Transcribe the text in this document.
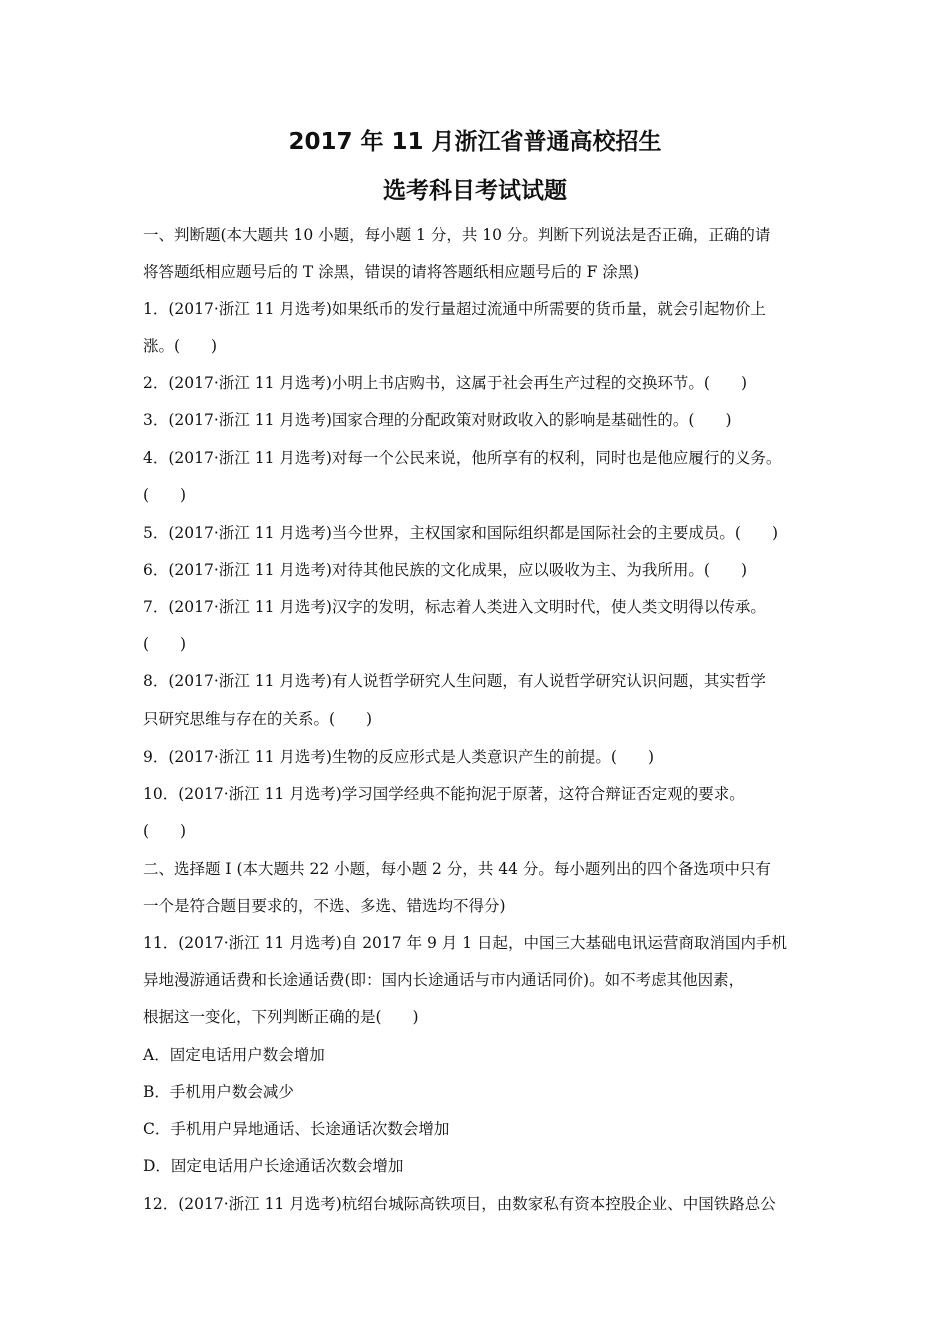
2017 年 11 月浙江省普通高校招生
选考科目考试试题
一、判断题(本大题共 10 小题，每小题 1 分，共 10 分。判断下列说法是否正确，正确的请
将答题纸相应题号后的 T 涂黑，错误的请将答题纸相应题号后的 F 涂黑)
1．(2017·浙江 11 月选考)如果纸币的发行量超过流通中所需要的货币量，就会引起物价上
涨。(　　)
2．(2017·浙江 11 月选考)小明上书店购书，这属于社会再生产过程的交换环节。(　　)
3．(2017·浙江 11 月选考)国家合理的分配政策对财政收入的影响是基础性的。(　　)
4．(2017·浙江 11 月选考)对每一个公民来说，他所享有的权利，同时也是他应履行的义务。
(　　)
5．(2017·浙江 11 月选考)当今世界，主权国家和国际组织都是国际社会的主要成员。(　　)
6．(2017·浙江 11 月选考)对待其他民族的文化成果，应以吸收为主、为我所用。(　　)
7．(2017·浙江 11 月选考)汉字的发明，标志着人类进入文明时代，使人类文明得以传承。
(　　)
8．(2017·浙江 11 月选考)有人说哲学研究人生问题，有人说哲学研究认识问题，其实哲学
只研究思维与存在的关系。(　　)
9．(2017·浙江 11 月选考)生物的反应形式是人类意识产生的前提。(　　)
10．(2017·浙江 11 月选考)学习国学经典不能拘泥于原著，这符合辩证否定观的要求。
(　　)
二、选择题 I (本大题共 22 小题，每小题 2 分，共 44 分。每小题列出的四个备选项中只有
一个是符合题目要求的，不选、多选、错选均不得分)
11．(2017·浙江 11 月选考)自 2017 年 9 月 1 日起，中国三大基础电讯运营商取消国内手机
异地漫游通话费和长途通话费(即：国内长途通话与市内通话同价)。如不考虑其他因素，
根据这一变化，下列判断正确的是(　　)
A．固定电话用户数会增加
B．手机用户数会减少
C．手机用户异地通话、长途通话次数会增加
D．固定电话用户长途通话次数会增加
12．(2017·浙江 11 月选考)杭绍台城际高铁项目，由数家私有资本控股企业、中国铁路总公
